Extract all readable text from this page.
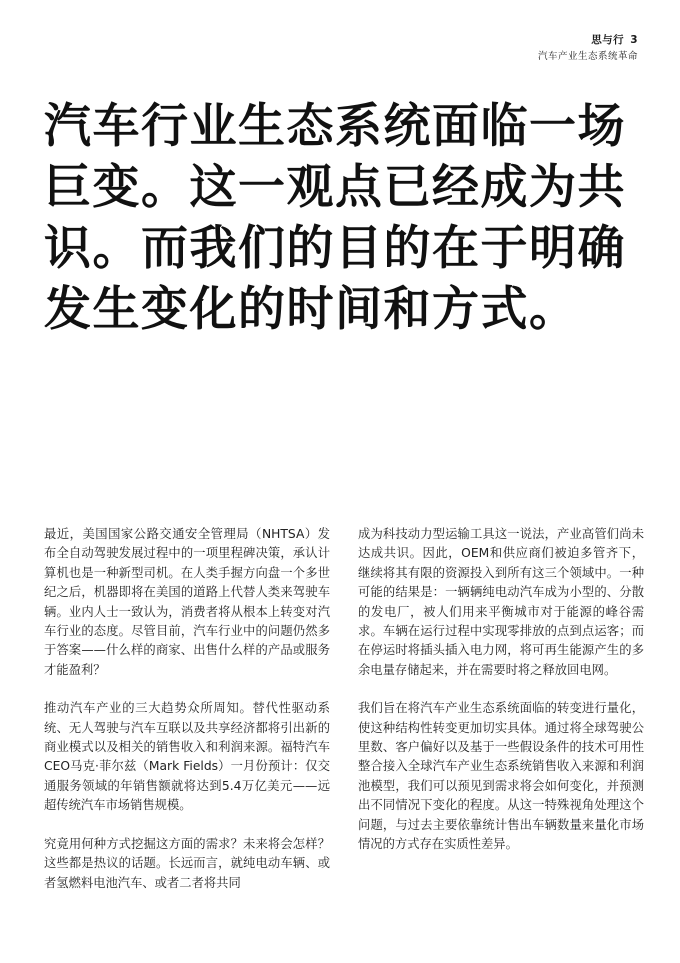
思与行 3
汽车产业生态系统革命
汽车行业生态系统面临一场巨变。这一观点已经成为共识。而我们的目的在于明确发生变化的时间和方式。

最近，美国国家公路交通安全管理局（NHTSA）发布全自动驾驶发展过程中的一项里程碑决策，承认计算机也是一种新型司机。在人类手握方向盘一个多世纪之后，机器即将在美国的道路上代替人类来驾驶车辆。业内人士一致认为，消费者将从根本上转变对汽车行业的态度。尽管目前，汽车行业中的问题仍然多于答案——什么样的商家、出售什么样的产品或服务才能盈利？

推动汽车产业的三大趋势众所周知。替代性驱动系统、无人驾驶与汽车互联以及共享经济都将引出新的商业模式以及相关的销售收入和利润来源。福特汽车CEO马克·菲尔兹（Mark Fields）一月份预计：仅交通服务领域的年销售额就将达到5.4万亿美元——远超传统汽车市场销售规模。

究竟用何种方式挖掘这方面的需求？未来将会怎样？这些都是热议的话题。长远而言，就纯电动车辆、或者氢燃料电池汽车、或者二者将共同

成为科技动力型运输工具这一说法，产业高管们尚未达成共识。因此，OEM和供应商们被迫多管齐下，继续将其有限的资源投入到所有这三个领域中。一种可能的结果是：一辆辆纯电动汽车成为小型的、分散的发电厂，被人们用来平衡城市对于能源的峰谷需求。车辆在运行过程中实现零排放的点到点运客；而在停运时将插头插入电力网，将可再生能源产生的多余电量存储起来，并在需要时将之释放回电网。

我们旨在将汽车产业生态系统面临的转变进行量化，使这种结构性转变更加切实具体。通过将全球驾驶公里数、客户偏好以及基于一些假设条件的技术可用性整合接入全球汽车产业生态系统销售收入来源和利润池模型，我们可以预见到需求将会如何变化，并预测出不同情况下变化的程度。从这一特殊视角处理这个问题，与过去主要依靠统计售出车辆数量来量化市场情况的方式存在实质性差异。
